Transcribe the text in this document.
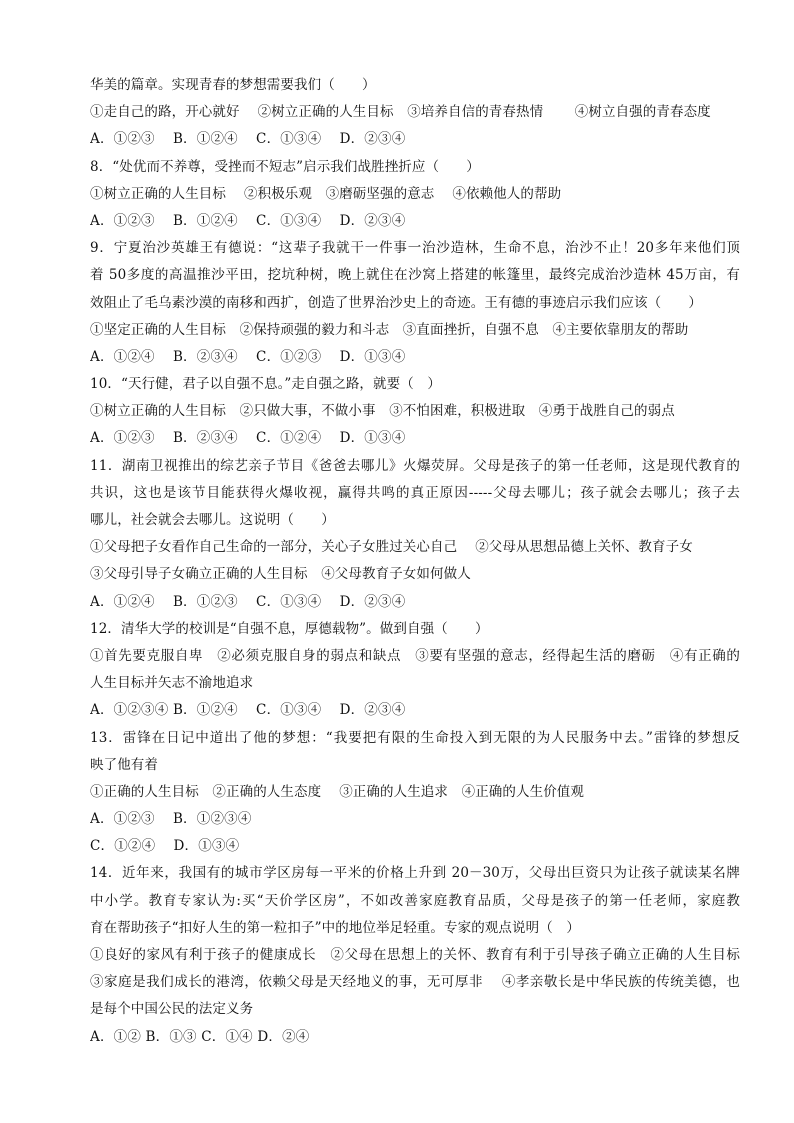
华美的篇章。实现青春的梦想需要我们（　　）
①走自己的路，开心就好　 ②树立正确的人生目标　③培养自信的青春热情　　 ④树立自强的青春态度
A．①②③　 B．①②④　 C．①③④　 D．②③④
8．“处优而不养尊，受挫而不短志”启示我们战胜挫折应（　　）
①树立正确的人生目标　 ②积极乐观　③磨砺坚强的意志　 ④依赖他人的帮助
A．①②③　 B．①②④　 C．①③④　 D．②③④
9．宁夏治沙英雄王有德说：“这辈子我就干一件事一治沙造林，生命不息，治沙不止！20多年来他们顶
着 50多度的高温推沙平田，挖坑种树，晚上就住在沙窝上搭建的帐篷里，最终完成治沙造林 45万亩，有
效阻止了毛乌素沙漠的南移和西扩，创造了世界治沙史上的奇迹。王有德的事迹启示我们应该（　　）
①坚定正确的人生目标　②保持顽强的毅力和斗志　③直面挫折，自强不息　④主要依靠朋友的帮助
A．①②④　 B．②③④　 C．①②③　 D．①③④
10．“天行健，君子以自强不息。”走自强之路，就要（　）
①树立正确的人生目标　②只做大事，不做小事　③不怕困难，积极进取　④勇于战胜自己的弱点
A．①②③　 B．②③④　 C．①②④　 D．①③④
11．湖南卫视推出的综艺亲子节目《爸爸去哪儿》火爆荧屏。父母是孩子的第一任老师，这是现代教育的
共识，这也是该节目能获得火爆收视，赢得共鸣的真正原因-----父母去哪儿；孩子就会去哪儿；孩子去
哪儿，社会就会去哪儿。这说明（　　）
①父母把子女看作自己生命的一部分，关心子女胜过关心自己　 ②父母从思想品德上关怀、教育子女
③父母引导子女确立正确的人生目标　④父母教育子女如何做人
A．①②④　 B．①②③　 C．①③④　 D．②③④
12．清华大学的校训是“自强不息，厚德载物”。做到自强（　　）
①首先要克服自卑　②必须克服自身的弱点和缺点　③要有坚强的意志，经得起生活的磨砺　④有正确的
人生目标并矢志不渝地追求
A．①②③④ B．①②④　 C．①③④　 D．②③④
13．雷锋在日记中道出了他的梦想：“我要把有限的生命投入到无限的为人民服务中去。”雷锋的梦想反
映了他有着
①正确的人生目标　②正确的人生态度　 ③正确的人生追求　④正确的人生价值观
A．①②③　 B．①②③④
C．①②④　 D．①③④
14．近年来，我国有的城市学区房每一平米的价格上升到 20－30万，父母出巨资只为让孩子就读某名牌
中小学。教育专家认为:买“天价学区房”，不如改善家庭教育品质，父母是孩子的第一任老师，家庭教
育在帮助孩子“扣好人生的第一粒扣子”中的地位举足轻重。专家的观点说明（　）
①良好的家风有利于孩子的健康成长　②父母在思想上的关怀、教育有利于引导孩子确立正确的人生目标
③家庭是我们成长的港湾，依赖父母是天经地义的事，无可厚非　 ④孝亲敬长是中华民族的传统美德，也
是每个中国公民的法定义务
A．①② B．①③ C．①④ D．②④
